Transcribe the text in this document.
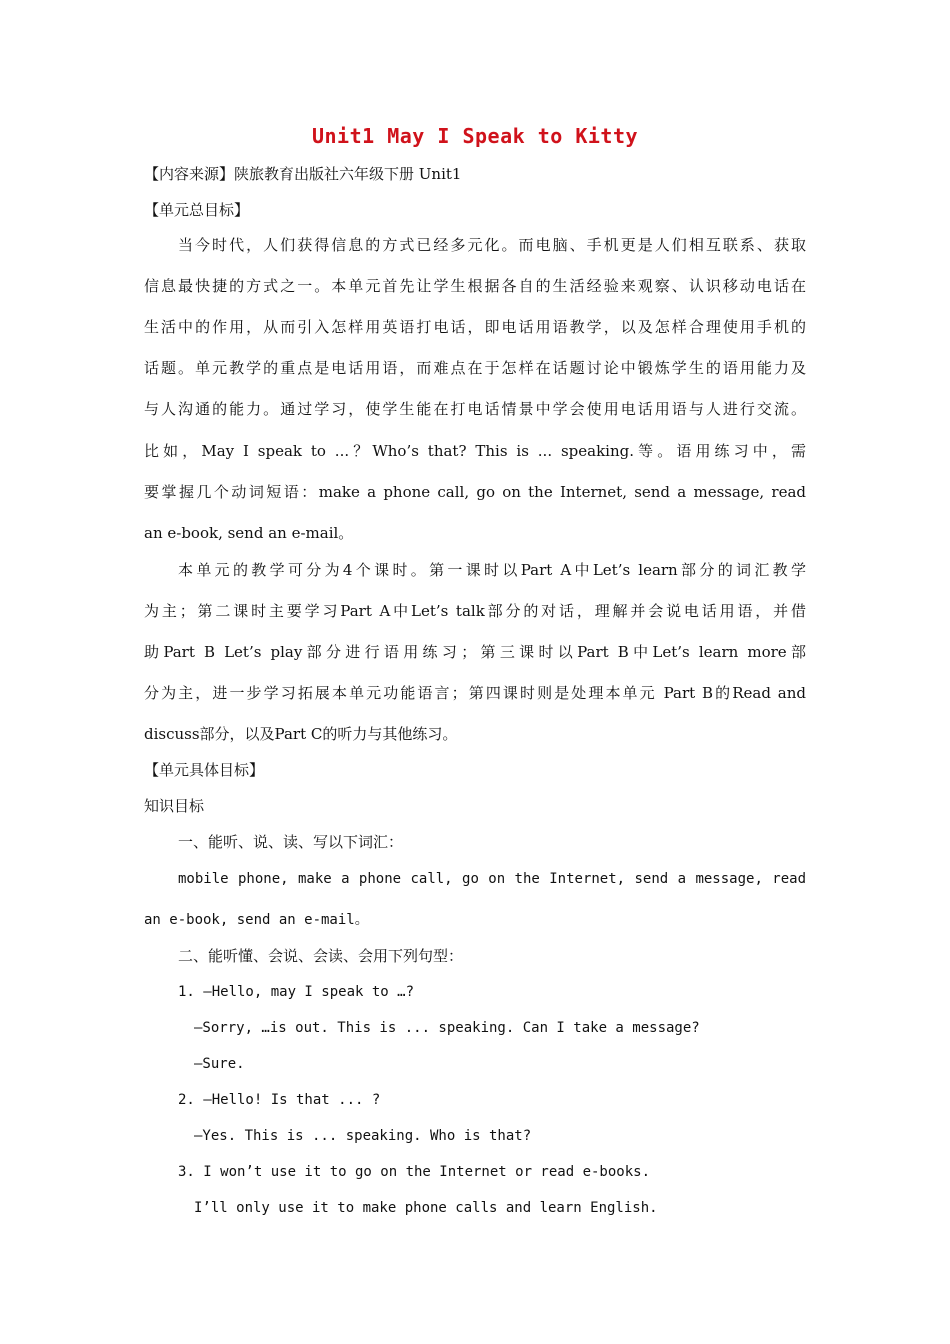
Unit1 May I Speak to Kitty
【内容来源】陕旅教育出版社六年级下册 Unit1
【单元总目标】
当今时代，人们获得信息的方式已经多元化。而电脑、手机更是人们相互联系、获取
信息最快捷的方式之一。本单元首先让学生根据各自的生活经验来观察、认识移动电话在
生活中的作用，从而引入怎样用英语打电话，即电话用语教学，以及怎样合理使用手机的
话题。单元教学的重点是电话用语，而难点在于怎样在话题讨论中锻炼学生的语用能力及
与人沟通的能力。通过学习，使学生能在打电话情景中学会使用电话用语与人进行交流。
比如，May I speak to ...？Who’s that? This is ... speaking.等。语用练习中，需
要掌握几个动词短语：make a phone call, go on the Internet, send a message, read
an e-book, send an e-mail。
本单元的教学可分为4个课时。第一课时以Part A中Let’s learn部分的词汇教学
为主；第二课时主要学习Part A中Let’s talk部分的对话，理解并会说电话用语，并借
助Part B Let’s play部分进行语用练习；第三课时以Part B中Let’s learn more部
分为主，进一步学习拓展本单元功能语言；第四课时则是处理本单元 Part B的Read and
discuss部分，以及Part C的听力与其他练习。
【单元具体目标】
知识目标
一、能听、说、读、写以下词汇：
mobile phone, make a phone call, go on the Internet, send a message, read
an e-book, send an e-mail。
二、能听懂、会说、会读、会用下列句型：
1. —Hello, may I speak to …?
—Sorry, …is out. This is ... speaking. Can I take a message?
—Sure.
2. —Hello! Is that ... ?
—Yes. This is ... speaking. Who is that?
3. I won’t use it to go on the Internet or read e-books.
I’ll only use it to make phone calls and learn English.
